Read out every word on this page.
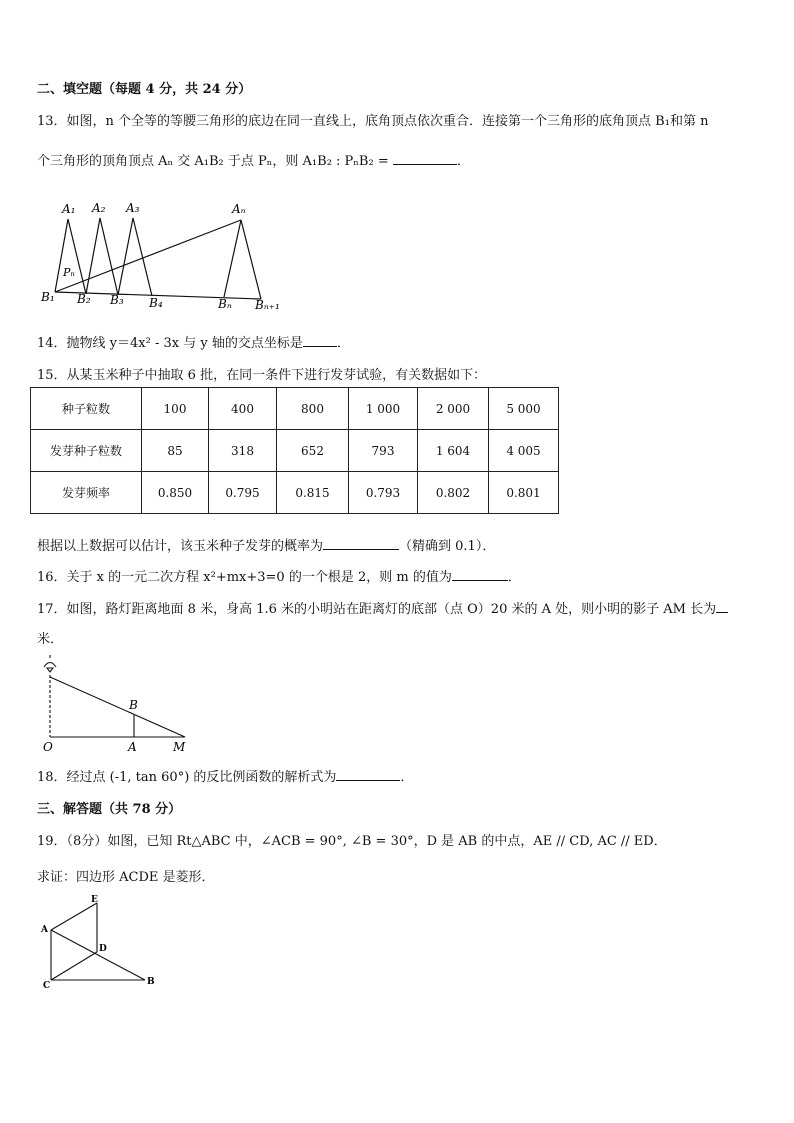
二、填空题（每题 4 分，共 24 分）
13．如图，n 个全等的等腰三角形的底边在同一直线上，底角顶点依次重合．连接第一个三角形的底角顶点 B₁和第 n
个三角形的顶角顶点 Aₙ 交 A₁B₂ 于点 Pₙ，则 A₁B₂ : PₙB₂ =	．
A₁ A₂ A₃	Aₙ
Pₙ
B₁ B₂ B₃ B₄	Bₙ Bₙ₊₁
14．抛物线 y＝4x² - 3x 与 y 轴的交点坐标是	．
15．从某玉米种子中抽取 6 批，在同一条件下进行发芽试验，有关数据如下：
种子粒数	100	400	800	1 000	2 000	5 000
发芽种子粒数	85	318	652	793	1 604	4 005
发芽频率	0.850	0.795	0.815	0.793	0.802	0.801
根据以上数据可以估计，该玉米种子发芽的概率为	（精确到 0.1）．
16．关于 x 的一元二次方程 x²+mx+3=0 的一个根是 2，则 m 的值为	．
17．如图，路灯距离地面 8 米，身高 1.6 米的小明站在距离灯的底部（点 O）20 米的 A 处，则小明的影子 AM 长为
米．
B
O	A	M
18．经过点 (-1, tan 60°) 的反比例函数的解析式为	．
三、解答题（共 78 分）
19．（8分）如图，已知 Rt△ABC 中，∠ACB = 90°, ∠B = 30°，D 是 AB 的中点，AE // CD, AC // ED．
求证：四边形 ACDE 是菱形．
E
A
D
C	B
